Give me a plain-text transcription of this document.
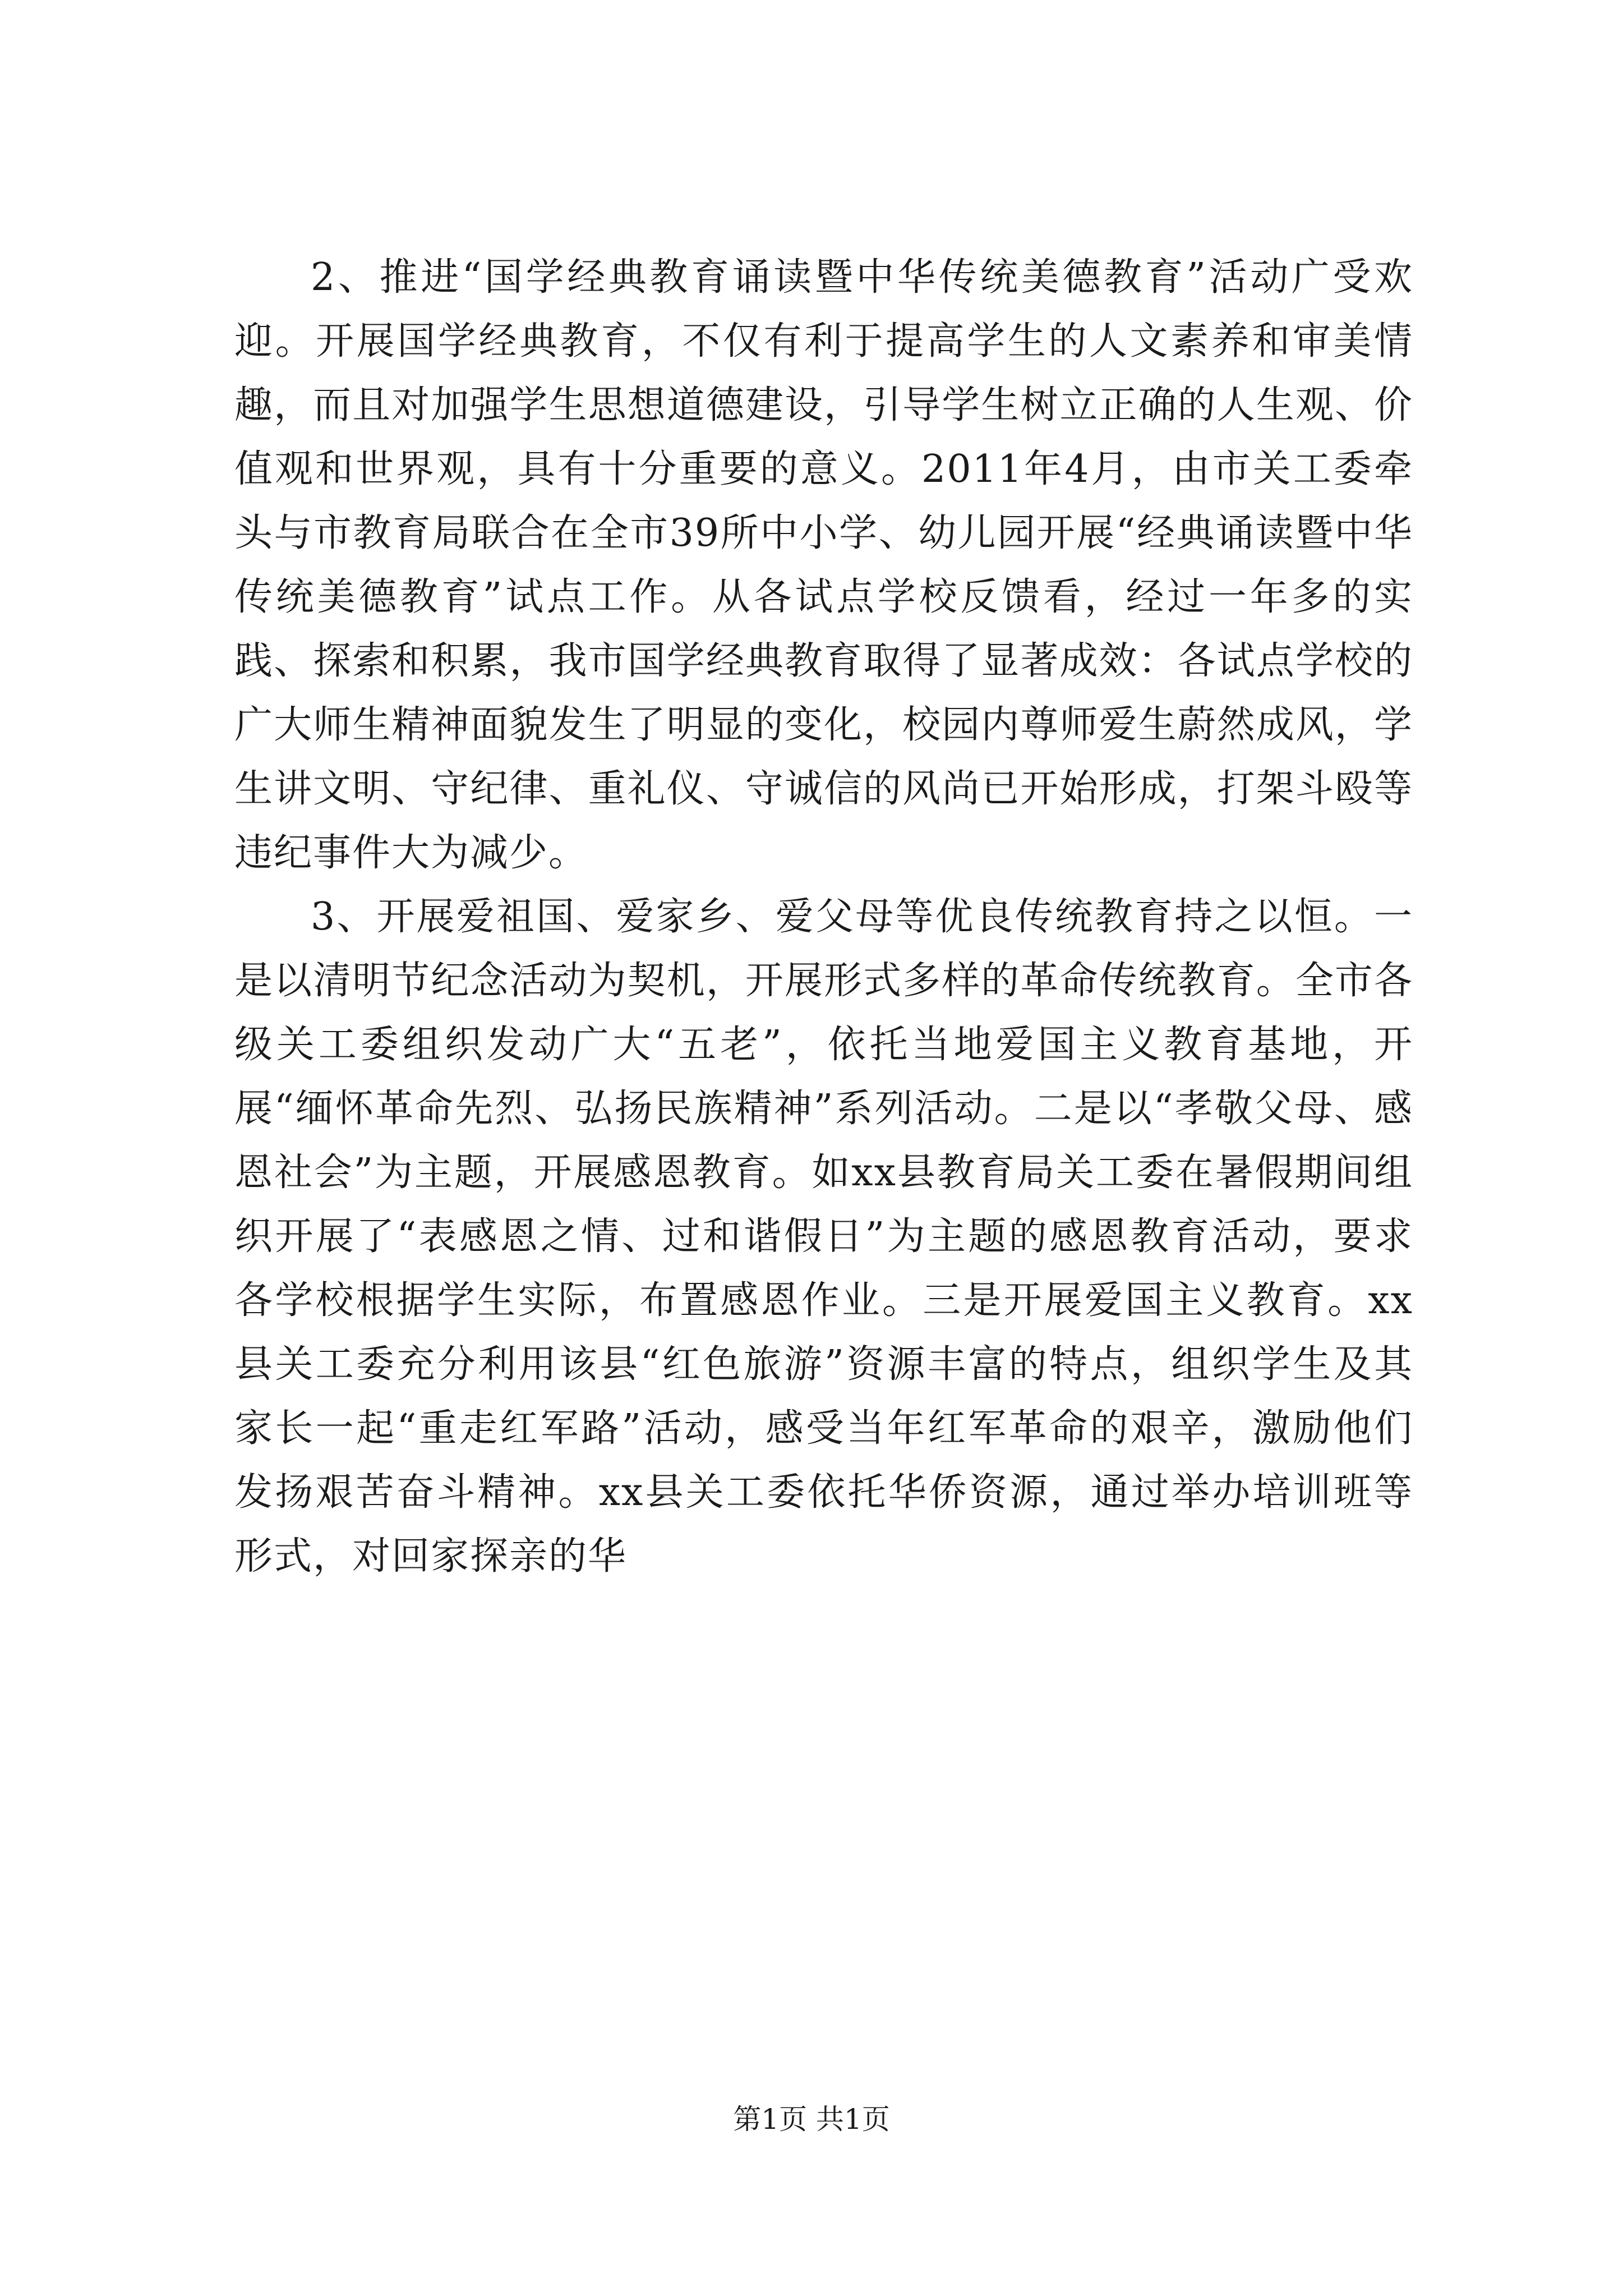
2、推进“国学经典教育诵读暨中华传统美德教育”活动广受欢迎。开展国学经典教育，不仅有利于提高学生的人文素养和审美情趣，而且对加强学生思想道德建设，引导学生树立正确的人生观、价值观和世界观，具有十分重要的意义。2011年4月，由市关工委牵头与市教育局联合在全市39所中小学、幼儿园开展“经典诵读暨中华传统美德教育”试点工作。从各试点学校反馈看，经过一年多的实践、探索和积累，我市国学经典教育取得了显著成效：各试点学校的广大师生精神面貌发生了明显的变化，校园内尊师爱生蔚然成风，学生讲文明、守纪律、重礼仪、守诚信的风尚已开始形成，打架斗殴等违纪事件大为减少。

3、开展爱祖国、爱家乡、爱父母等优良传统教育持之以恒。一是以清明节纪念活动为契机，开展形式多样的革命传统教育。全市各级关工委组织发动广大“五老”，依托当地爱国主义教育基地，开展“缅怀革命先烈、弘扬民族精神”系列活动。二是以“孝敬父母、感恩社会”为主题，开展感恩教育。如xx县教育局关工委在暑假期间组织开展了“表感恩之情、过和谐假日”为主题的感恩教育活动，要求各学校根据学生实际，布置感恩作业。三是开展爱国主义教育。xx县关工委充分利用该县“红色旅游”资源丰富的特点，组织学生及其家长一起“重走红军路”活动，感受当年红军革命的艰辛，激励他们发扬艰苦奋斗精神。xx县关工委依托华侨资源，通过举办培训班等形式，对回家探亲的华

第1页 共1页
